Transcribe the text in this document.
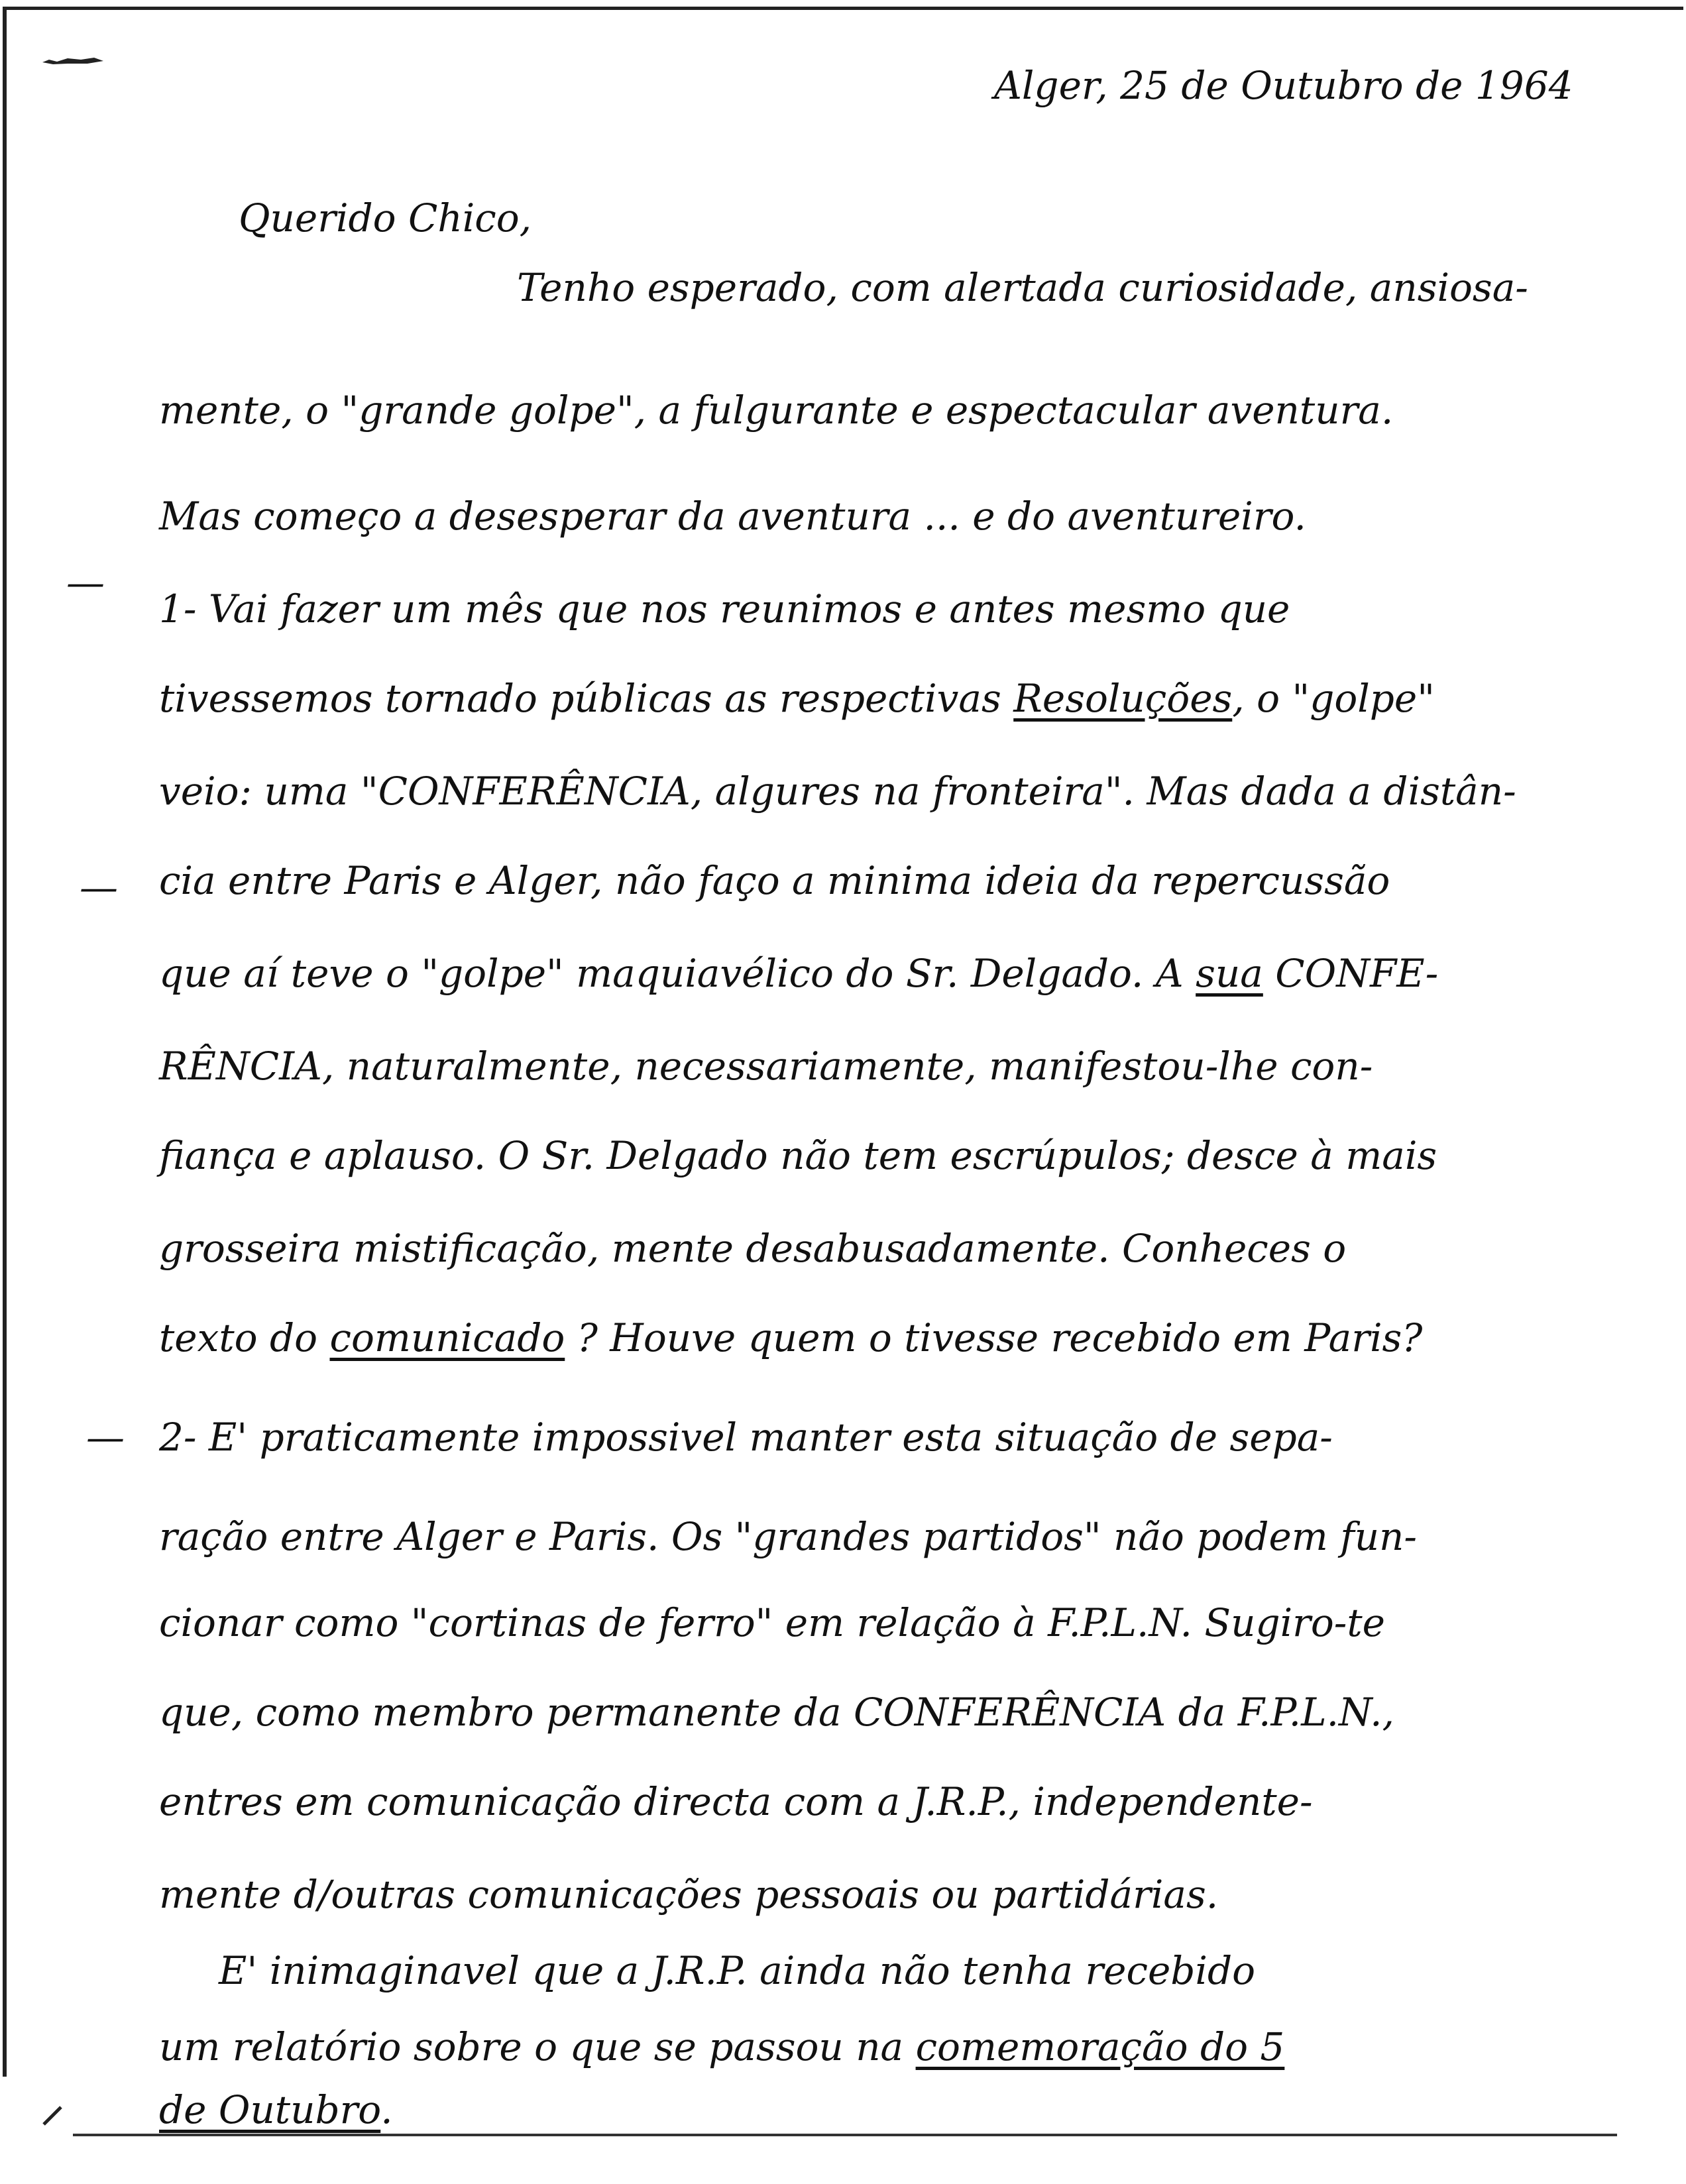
Alger, 25 de Outubro de 1964
Querido Chico,
Tenho esperado, com alertada curiosidade, ansiosa-
mente, o "grande golpe", a fulgurante e espectacular aventura.
Mas começo a desesperar da aventura ... e do aventureiro.
—
1- Vai fazer um mês que nos reunimos e antes mesmo que
tivessemos tornado públicas as respectivas Resoluções, o "golpe"
veio: uma "CONFERÊNCIA, algures na fronteira". Mas dada a distân-
— cia entre Paris e Alger, não faço a minima ideia da repercussão
que aí teve o "golpe" maquiavélico do Sr. Delgado. A sua CONFE-
RÊNCIA, naturalmente, necessariamente, manifestou-lhe con-
fiança e aplauso. O Sr. Delgado não tem escrúpulos; desce à mais
grosseira mistificação, mente desabusadamente. Conheces o
texto do comunicado ? Houve quem o tivesse recebido em Paris?
— 2- E' praticamente impossivel manter esta situação de sepa-
ração entre Alger e Paris. Os "grandes partidos" não podem fun-
cionar como "cortinas de ferro" em relação à F.P.L.N. Sugiro-te
que, como membro permanente da CONFERÊNCIA da F.P.L.N.,
entres em comunicação directa com a J.R.P., independente-
mente d/outras comunicações pessoais ou partidárias.
E' inimaginavel que a J.R.P. ainda não tenha recebido
um relatório sobre o que se passou na comemoração do 5
de Outubro.
